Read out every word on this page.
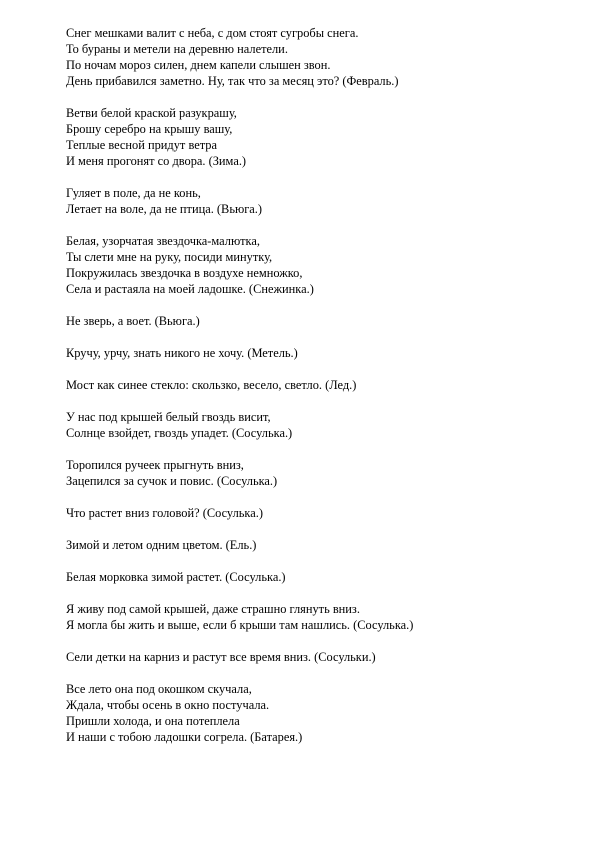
Снег мешками валит с неба, с дом стоят сугробы снега.
То бураны и метели на деревню налетели.
По ночам мороз силен, днем капели слышен звон.
День прибавился заметно. Ну, так что за месяц это? (Февраль.)
Ветви белой краской разукрашу,
Брошу серебро на крышу вашу,
Теплые весной придут ветра
И меня прогонят со двора. (Зима.)
Гуляет в поле, да не конь,
Летает на воле, да не птица. (Вьюга.)
Белая, узорчатая звездочка-малютка,
Ты слети мне на руку, посиди минутку,
Покружилась звездочка в воздухе немножко,
Села и растаяла на моей ладошке. (Снежинка.)
Не зверь, а воет. (Вьюга.)
Кручу, урчу, знать никого не хочу. (Метель.)
Мост как синее стекло: скользко, весело, светло. (Лед.)
У нас под крышей белый гвоздь висит,
Солнце взойдет, гвоздь упадет. (Сосулька.)
Торопился ручеек прыгнуть вниз,
Зацепился за сучок и повис. (Сосулька.)
Что растет вниз головой? (Сосулька.)
Зимой и летом одним цветом. (Ель.)
Белая морковка зимой растет. (Сосулька.)
Я живу под самой крышей, даже страшно глянуть вниз.
Я могла бы жить и выше, если б крыши там нашлись. (Сосулька.)
Сели детки на карниз и растут все время вниз. (Сосульки.)
Все лето она под окошком скучала,
Ждала, чтобы осень в окно постучала.
Пришли холода, и она потеплела
И наши с тобою ладошки согрела. (Батарея.)
